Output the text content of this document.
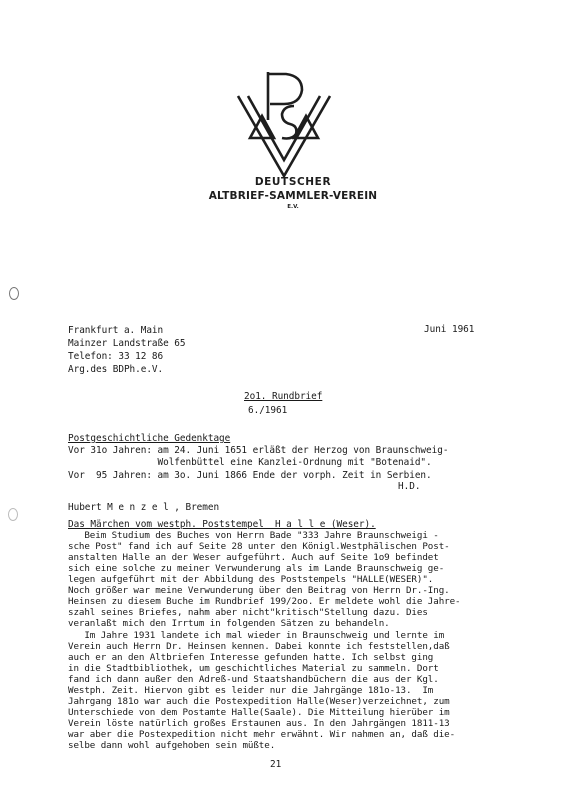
DEUTSCHER
ALTBRIEF-SAMMLER-VEREIN
E.V.
Frankfurt a. Main
Mainzer Landstraße 65
Telefon: 33 12 86
Arg.des BDPh.e.V.
Juni 1961
2o1. Rundbrief
6./1961
Postgeschichtliche Gedenktage
Vor 31o Jahren: am 24. Juni 1651 erläßt der Herzog von Braunschweig-
Wolfenbüttel eine Kanzlei-Ordnung mit "Botenaid".
Vor  95 Jahren: am 3o. Juni 1866 Ende der vorph. Zeit in Serbien.
H.D.
Hubert M e n z e l , Bremen
Das Märchen vom westph. Poststempel  H a l l e (Weser).
Beim Studium des Buches von Herrn Bade "333 Jahre Braunschweigi -
sche Post" fand ich auf Seite 28 unter den Königl.Westphälischen Post-
anstalten Halle an der Weser aufgeführt. Auch auf Seite 1o9 befindet
sich eine solche zu meiner Verwunderung als im Lande Braunschweig ge-
legen aufgeführt mit der Abbildung des Poststempels "HALLE(WESER)".
Noch größer war meine Verwunderung über den Beitrag von Herrn Dr.-Ing.
Heinsen zu diesem Buche im Rundbrief 199/2oo. Er meldete wohl die Jahre-
szahl seines Briefes, nahm aber nicht"kritisch"Stellung dazu. Dies
veranlaßt mich den Irrtum in folgenden Sätzen zu behandeln.
Im Jahre 1931 landete ich mal wieder in Braunschweig und lernte im
Verein auch Herrn Dr. Heinsen kennen. Dabei konnte ich feststellen,daß
auch er an den Altbriefen Interesse gefunden hatte. Ich selbst ging
in die Stadtbibliothek, um geschichtliches Material zu sammeln. Dort
fand ich dann außer den Adreß-und Staatshandbüchern die aus der Kgl.
Westph. Zeit. Hiervon gibt es leider nur die Jahrgänge 181o-13.  Im
Jahrgang 181o war auch die Postexpedition Halle(Weser)verzeichnet, zum
Unterschiede von dem Postamte Halle(Saale). Die Mitteilung hierüber im
Verein löste natürlich großes Erstaunen aus. In den Jahrgängen 1811-13
war aber die Postexpedition nicht mehr erwähnt. Wir nahmen an, daß die-
selbe dann wohl aufgehoben sein müßte.
21
